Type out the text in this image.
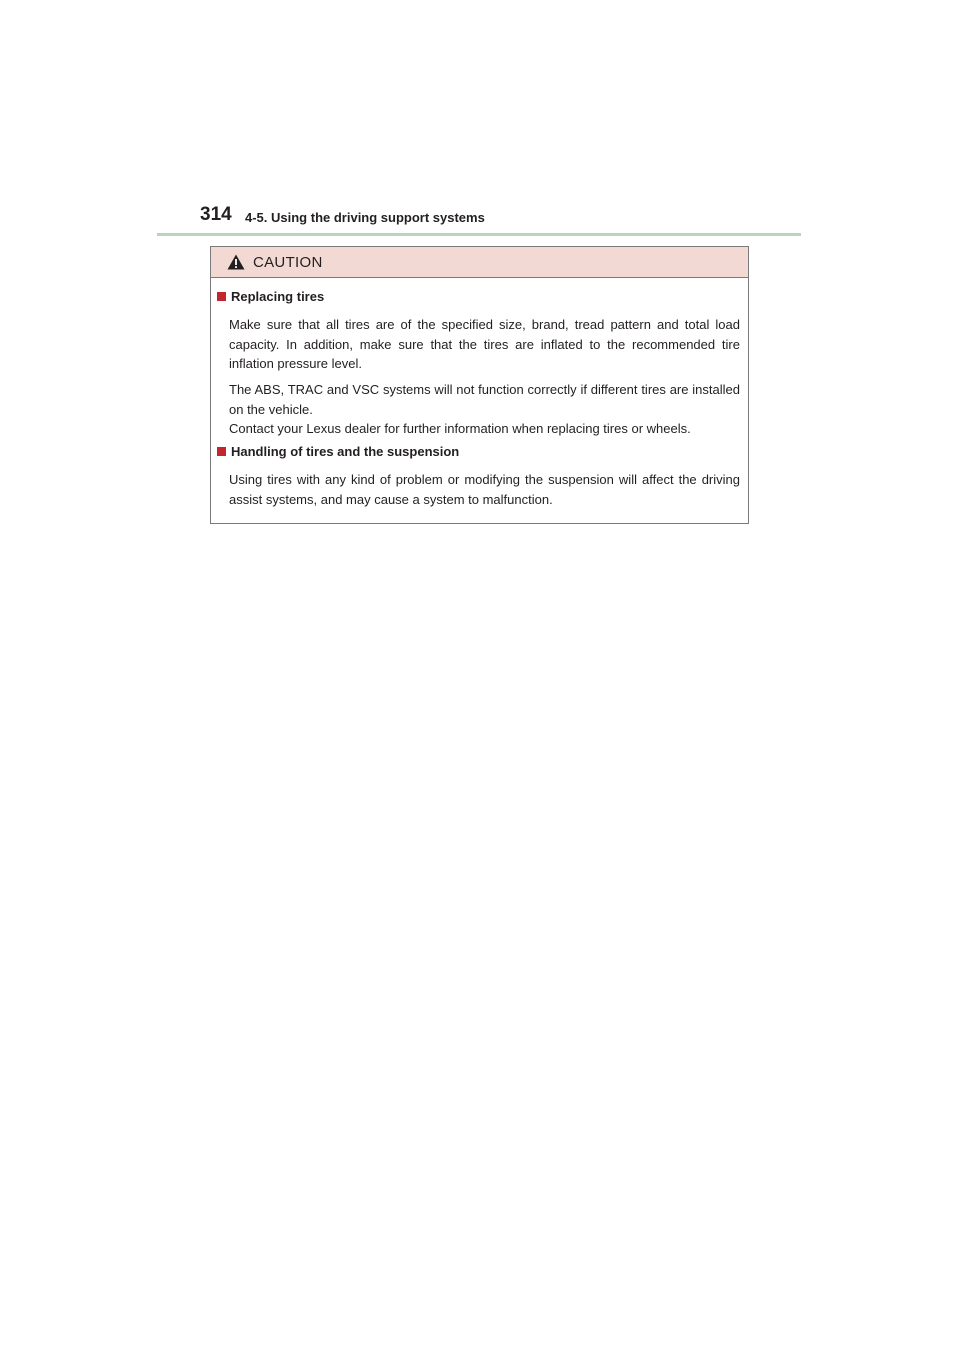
314 4-5. Using the driving support systems
CAUTION
Replacing tires
Make sure that all tires are of the specified size, brand, tread pattern and total load capacity. In addition, make sure that the tires are inflated to the recommended tire inflation pressure level.
The ABS, TRAC and VSC systems will not function correctly if different tires are installed on the vehicle.
Contact your Lexus dealer for further information when replacing tires or wheels.
Handling of tires and the suspension
Using tires with any kind of problem or modifying the suspension will affect the driving assist systems, and may cause a system to malfunction.
